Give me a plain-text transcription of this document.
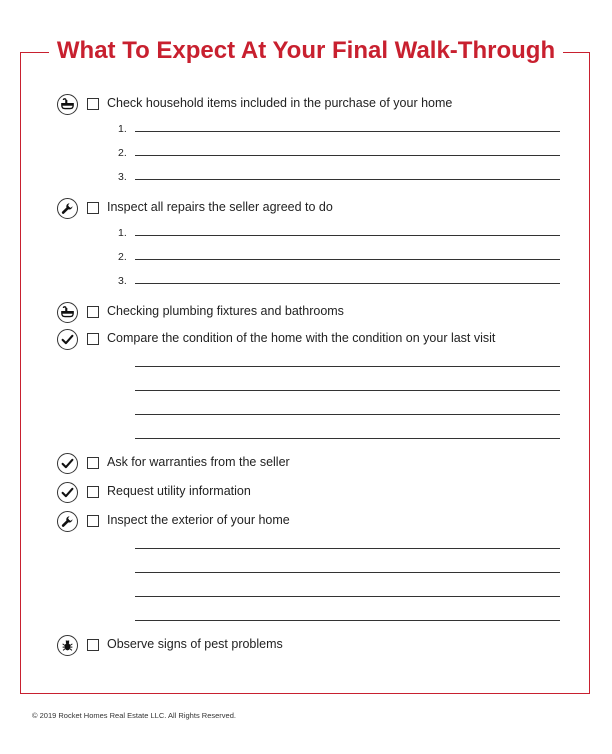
What To Expect At Your Final Walk-Through
Check household items included in the purchase of your home
1.
2.
3.
Inspect all repairs the seller agreed to do
1.
2.
3.
Checking plumbing fixtures and bathrooms
Compare the condition of the home with the condition on your last visit
Ask for warranties from the seller
Request utility information
Inspect the exterior of your home
Observe signs of pest problems
© 2019 Rocket Homes Real Estate LLC. All Rights Reserved.
